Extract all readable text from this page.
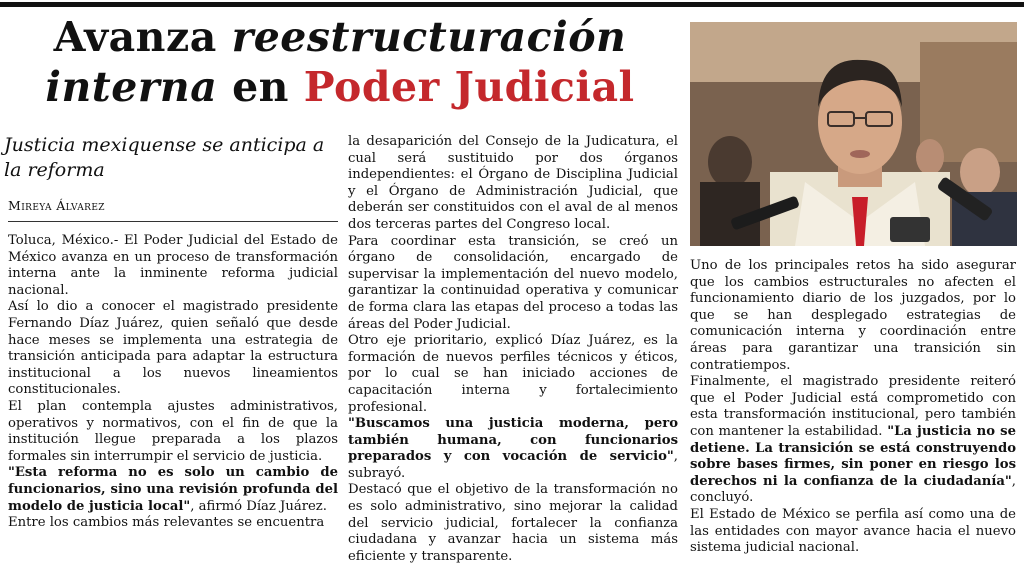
Avanza reestructuración
interna en Poder Judicial
Justicia mexiquense se anticipa a la reforma
Mireya Álvarez

Toluca, México.- El Poder Judicial del Estado de México avanza en un proceso de transformación interna ante la inminente reforma judicial nacional.

Así lo dio a conocer el magistrado presidente Fernando Díaz Juárez, quien señaló que desde hace meses se implementa una estrategia de transición anticipada para adaptar la estructura institucional a los nuevos lineamientos constitucionales.

El plan contempla ajustes administrativos, operativos y normativos, con el fin de que la institución llegue preparada a los plazos formales sin interrumpir el servicio de justicia.

"Esta reforma no es solo un cambio de funcionarios, sino una revisión profunda del modelo de justicia local", afirmó Díaz Juárez.

Entre los cambios más relevantes se encuentra

la desaparición del Consejo de la Judicatura, el cual será sustituido por dos órganos independientes: el Órgano de Disciplina Judicial y el Órgano de Administración Judicial, que deberán ser constituidos con el aval de al menos dos terceras partes del Congreso local.

Para coordinar esta transición, se creó un órgano de consolidación, encargado de supervisar la implementación del nuevo modelo, garantizar la continuidad operativa y comunicar de forma clara las etapas del proceso a todas las áreas del Poder Judicial.

Otro eje prioritario, explicó Díaz Juárez, es la formación de nuevos perfiles técnicos y éticos, por lo cual se han iniciado acciones de capacitación interna y fortalecimiento profesional.

"Buscamos una justicia moderna, pero también humana, con funcionarios preparados y con vocación de servicio", subrayó.

Destacó que el objetivo de la transformación no es solo administrativo, sino mejorar la calidad del servicio judicial, fortalecer la confianza ciudadana y avanzar hacia un sistema más eficiente y transparente.

Uno de los principales retos ha sido asegurar que los cambios estructurales no afecten el funcionamiento diario de los juzgados, por lo que se han desplegado estrategias de comunicación interna y coordinación entre áreas para garantizar una transición sin contratiempos.

Finalmente, el magistrado presidente reiteró que el Poder Judicial está comprometido con esta transformación institucional, pero también con mantener la estabilidad. "La justicia no se detiene. La transición se está construyendo sobre bases firmes, sin poner en riesgo los derechos ni la confianza de la ciudadanía", concluyó.

El Estado de México se perfila así como una de las entidades con mayor avance hacia el nuevo sistema judicial nacional.
